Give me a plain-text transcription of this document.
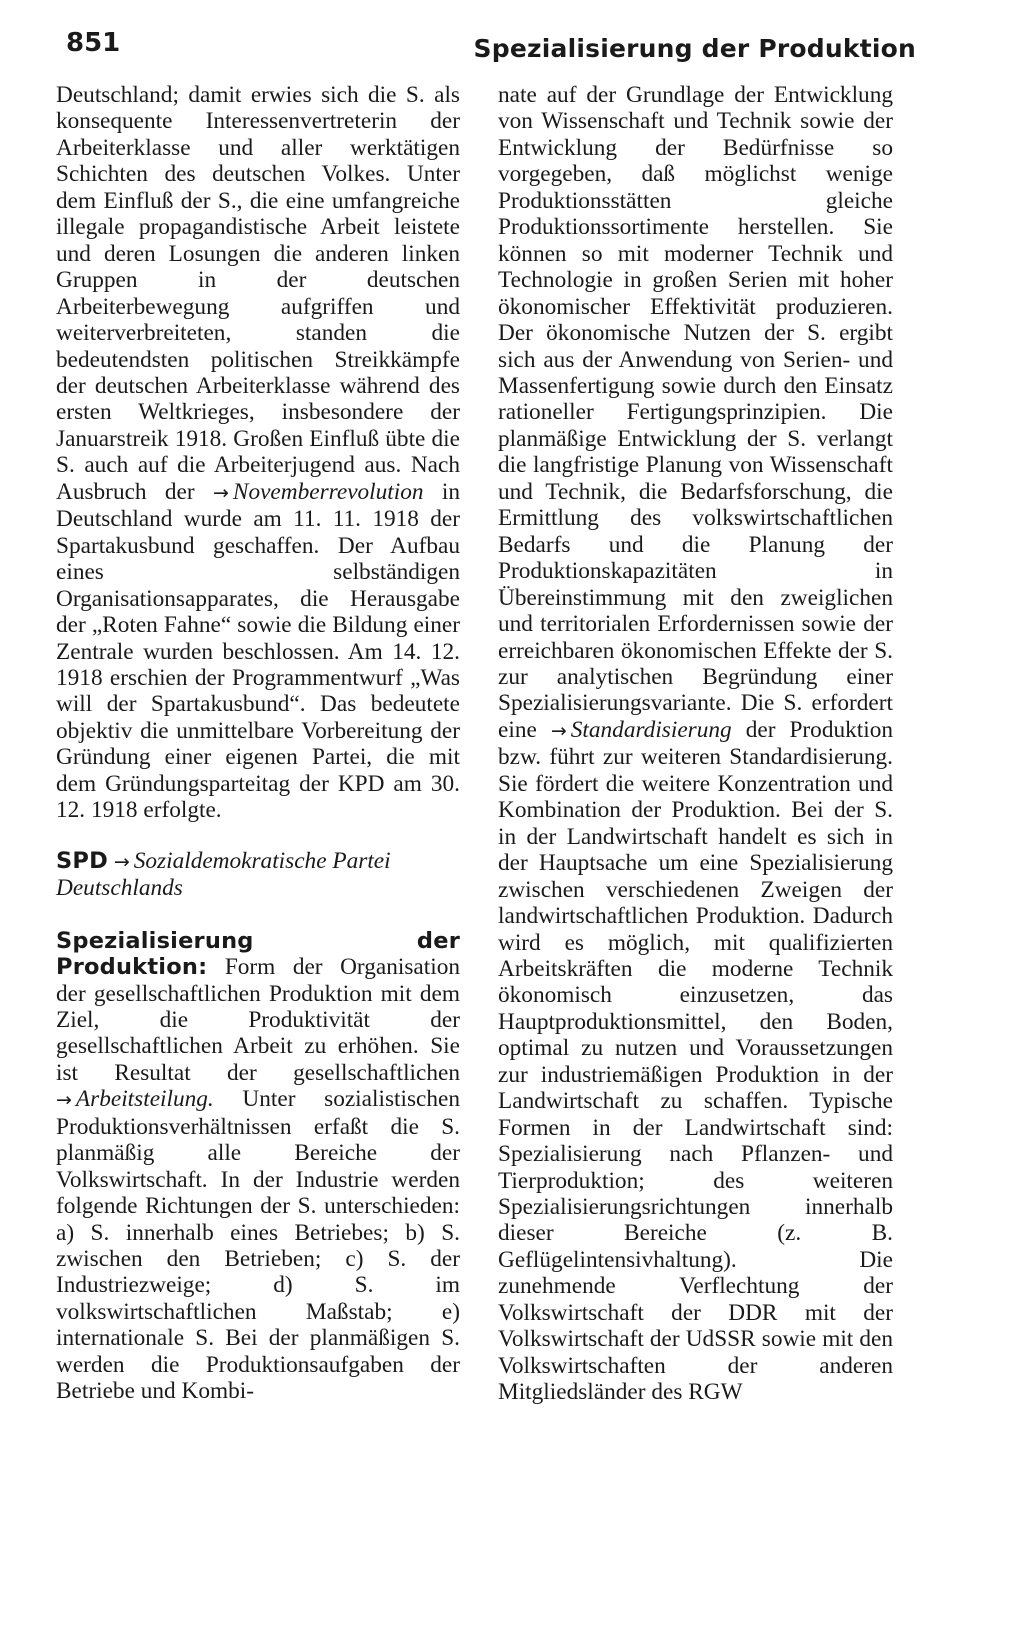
851	Spezialisierung der Produktion

Deutschland; damit erwies sich die S. als konsequente Interessenvertreterin der Arbeiterklasse und aller werktätigen Schichten des deutschen Volkes. Unter dem Einfluß der S., die eine umfangreiche illegale propagandistische Arbeit leistete und deren Losungen die anderen linken Gruppen in der deutschen Arbeiterbewegung aufgriffen und weiterverbreiteten, standen die bedeutendsten politischen Streikkämpfe der deutschen Arbeiterklasse während des ersten Weltkrieges, insbesondere der Januarstreik 1918. Großen Einfluß übte die S. auch auf die Arbeiterjugend aus. Nach Ausbruch der → Novemberrevolution in Deutschland wurde am 11. 11. 1918 der Spartakusbund geschaffen. Der Aufbau eines selbständigen Organisationsapparates, die Herausgabe der „Roten Fahne“ sowie die Bildung einer Zentrale wurden beschlossen. Am 14. 12. 1918 erschien der Programmentwurf „Was will der Spartakusbund“. Das bedeutete objektiv die unmittelbare Vorbereitung der Gründung einer eigenen Partei, die mit dem Gründungsparteitag der KPD am 30. 12. 1918 erfolgte.

SPD → Sozialdemokratische Partei Deutschlands

Spezialisierung der Produktion: Form der Organisation der gesellschaftlichen Produktion mit dem Ziel, die Produktivität der gesellschaftlichen Arbeit zu erhöhen. Sie ist Resultat der gesellschaftlichen → Arbeitsteilung. Unter sozialistischen Produktionsverhältnissen erfaßt die S. planmäßig alle Bereiche der Volkswirtschaft. In der Industrie werden folgende Richtungen der S. unterschieden: a) S. innerhalb eines Betriebes; b) S. zwischen den Betrieben; c) S. der Industriezweige; d) S. im volkswirtschaftlichen Maßstab; e) internationale S. Bei der planmäßigen S. werden die Produktionsaufgaben der Betriebe und Kombi-

nate auf der Grundlage der Entwicklung von Wissenschaft und Technik sowie der Entwicklung der Bedürfnisse so vorgegeben, daß möglichst wenige Produktionsstätten gleiche Produktionssortimente herstellen. Sie können so mit moderner Technik und Technologie in großen Serien mit hoher ökonomischer Effektivität produzieren. Der ökonomische Nutzen der S. ergibt sich aus der Anwendung von Serien- und Massenfertigung sowie durch den Einsatz rationeller Fertigungsprinzipien. Die planmäßige Entwicklung der S. verlangt die langfristige Planung von Wissenschaft und Technik, die Bedarfsforschung, die Ermittlung des volkswirtschaftlichen Bedarfs und die Planung der Produktionskapazitäten in Übereinstimmung mit den zweiglichen und territorialen Erfordernissen sowie der erreichbaren ökonomischen Effekte der S. zur analytischen Begründung einer Spezialisierungsvariante. Die S. erfordert eine → Standardisierung der Produktion bzw. führt zur weiteren Standardisierung. Sie fördert die weitere Konzentration und Kombination der Produktion. Bei der S. in der Landwirtschaft handelt es sich in der Hauptsache um eine Spezialisierung zwischen verschiedenen Zweigen der landwirtschaftlichen Produktion. Dadurch wird es möglich, mit qualifizierten Arbeitskräften die moderne Technik ökonomisch einzusetzen, das Hauptproduktionsmittel, den Boden, optimal zu nutzen und Voraussetzungen zur industriemäßigen Produktion in der Landwirtschaft zu schaffen. Typische Formen in der Landwirtschaft sind: Spezialisierung nach Pflanzen- und Tierproduktion; des weiteren Spezialisierungsrichtungen innerhalb dieser Bereiche (z. B. Geflügelintensivhaltung). Die zunehmende Verflechtung der Volkswirtschaft der DDR mit der Volkswirtschaft der UdSSR sowie mit den Volkswirtschaften der anderen Mitgliedsländer des RGW
